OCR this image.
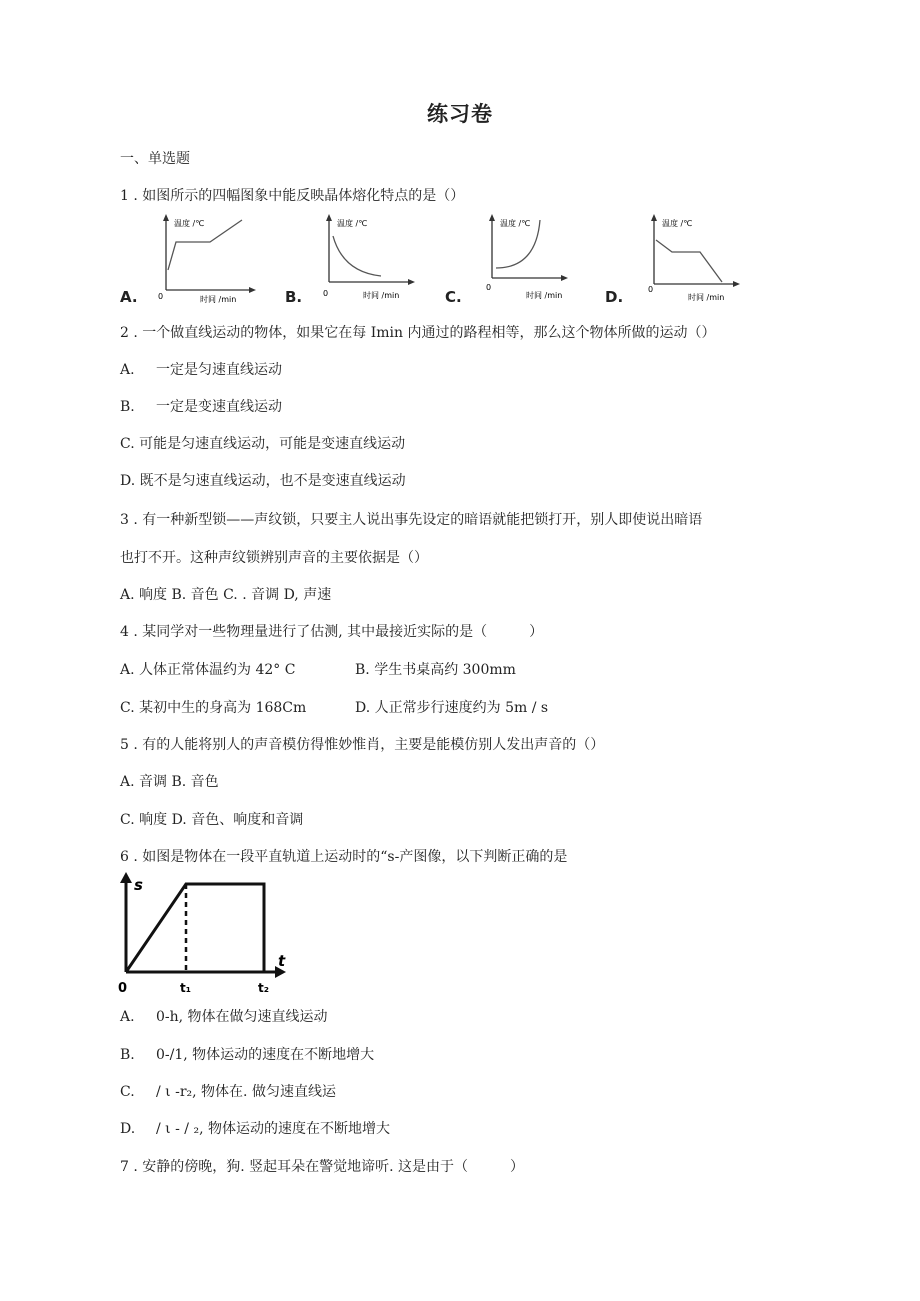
练习卷
一、单选题
1 . 如图所示的四幅图象中能反映晶体熔化特点的是（）
A.
温度 /℃
0	时间 /min	B.
温度 /℃
0	时间 /min	C.
温度 /℃
0
时间 /min	D.
温度 /℃
0
时间 /min
2 . 一个做直线运动的物体，如果它在每 Imin 内通过的路程相等，那么这个物体所做的运动（）
A. 一定是匀速直线运动
B. 一定是变速直线运动
C. 可能是匀速直线运动，可能是变速直线运动
D. 既不是匀速直线运动，也不是变速直线运动
3 . 有一种新型锁——声纹锁，只要主人说出事先设定的暗语就能把锁打开，别人即使说出暗语
也打不开。这种声纹锁辨别声音的主要依据是（）
A. 响度 B. 音色 C. . 音调 D, 声速
4 . 某同学对一些物理量进行了估测, 其中最接近实际的是（　　　）
A. 人体正常体温约为 42° C	B. 学生书桌高约 300mm
C. 某初中生的身高为 168Cm	D. 人正常步行速度约为 5m / s
5 . 有的人能将别人的声音模仿得惟妙惟肖，主要是能模仿别人发出声音的（）
A. 音调 B. 音色
C. 响度 D. 音色、响度和音调
6 . 如图是物体在一段平直轨道上运动时的“s-产图像，以下判断正确的是
s
t
0	t₁	t₂
A. 0-h, 物体在做匀速直线运动
B. 0-/1, 物体运动的速度在不断地增大
C. / ι -r₂, 物体在. 做匀速直线运
D. / ι - / ₂, 物体运动的速度在不断地增大
7 . 安静的傍晚，狗. 竖起耳朵在警觉地谛听. 这是由于（　　　）
